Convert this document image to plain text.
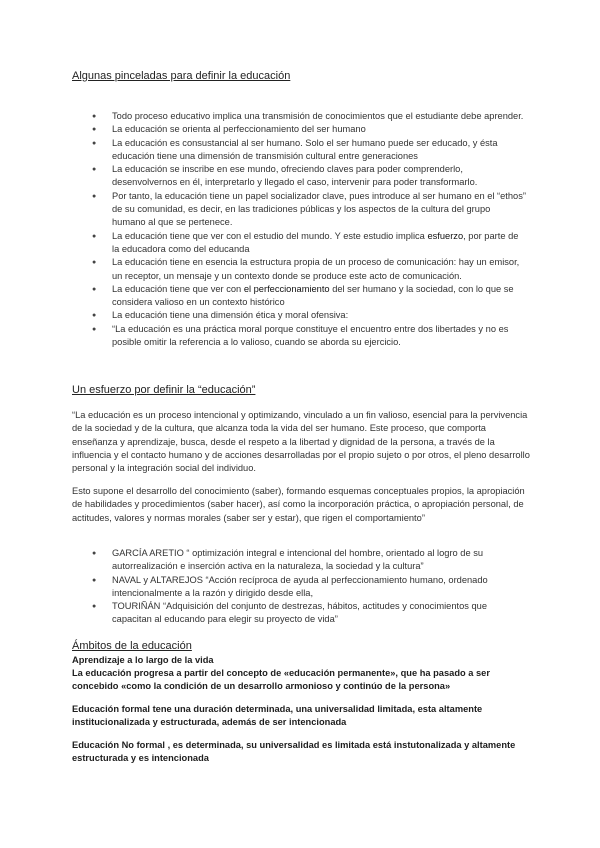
Algunas pinceladas para definir la educación
● Todo proceso educativo implica una transmisión de conocimientos que el estudiante debe aprender.
● La educación se orienta al perfeccionamiento del ser humano
● La educación es consustancial al ser humano. Solo el ser humano puede ser educado, y ésta educación tiene una dimensión de transmisión cultural entre generaciones
● La educación se inscribe en ese mundo, ofreciendo claves para poder comprenderlo, desenvolvernos en él, interpretarlo y llegado el caso, intervenir para poder transformarlo.
● Por tanto, la educación tiene un papel socializador clave, pues introduce al ser humano en el “ethos” de su comunidad, es decir, en las tradiciones públicas y los aspectos de la cultura del grupo humano al que se pertenece.
● La educación tiene que ver con el estudio del mundo. Y este estudio implica esfuerzo, por parte de la educadora como del educanda
● La educación tiene en esencia la estructura propia de un proceso de comunicación: hay un emisor, un receptor, un mensaje y un contexto donde se produce este acto de comunicación.
● La educación tiene que ver con el perfeccionamiento del ser humano y la sociedad, con lo que se considera valioso en un contexto histórico
● La educación tiene una dimensión ética y moral ofensiva:
● “La educación es una práctica moral porque constituye el encuentro entre dos libertades y no es posible omitir la referencia a lo valioso, cuando se aborda su ejercicio.
Un esfuerzo por definir la “educación”

“La educación es un proceso intencional y optimizando, vinculado a un fin valioso, esencial para la pervivencia de la sociedad y de la cultura, que alcanza toda la vida del ser humano. Este proceso, que comporta enseñanza y aprendizaje, busca, desde el respeto a la libertad y dignidad de la persona, a través de la influencia y el contacto humano y de acciones desarrolladas por el propio sujeto o por otros, el pleno desarrollo personal y la integración social del individuo.

Esto supone el desarrollo del conocimiento (saber), formando esquemas conceptuales propios, la apropiación de habilidades y procedimientos (saber hacer), así como la incorporación práctica, o apropiación personal, de actitudes, valores y normas morales (saber ser y estar), que rigen el comportamiento”

● GARCÍA ARETIO “ optimización integral e intencional del hombre, orientado al logro de su autorrealización e inserción activa en la naturaleza, la sociedad y la cultura”
● NAVAL y ALTAREJOS “Acción recíproca de ayuda al perfeccionamiento humano, ordenado intencionalmente a la razón y dirigido desde ella,
● TOURIÑÁN “Adquisición del conjunto de destrezas, hábitos, actitudes y conocimientos que capacitan al educando para elegir su proyecto de vida”
Ámbitos de la educación

Aprendizaje a lo largo de la vida

La educación progresa a partir del concepto de «educación permanente», que ha pasado a ser concebido «como la condición de un desarrollo armonioso y continúo de la persona»

Educación formal tene una duración determinada, una universalidad limitada, esta altamente institucionalizada y estructurada, además de ser intencionada

Educación No formal , es determinada, su universalidad es limitada está instutonalizada y altamente estructurada y es intencionada
